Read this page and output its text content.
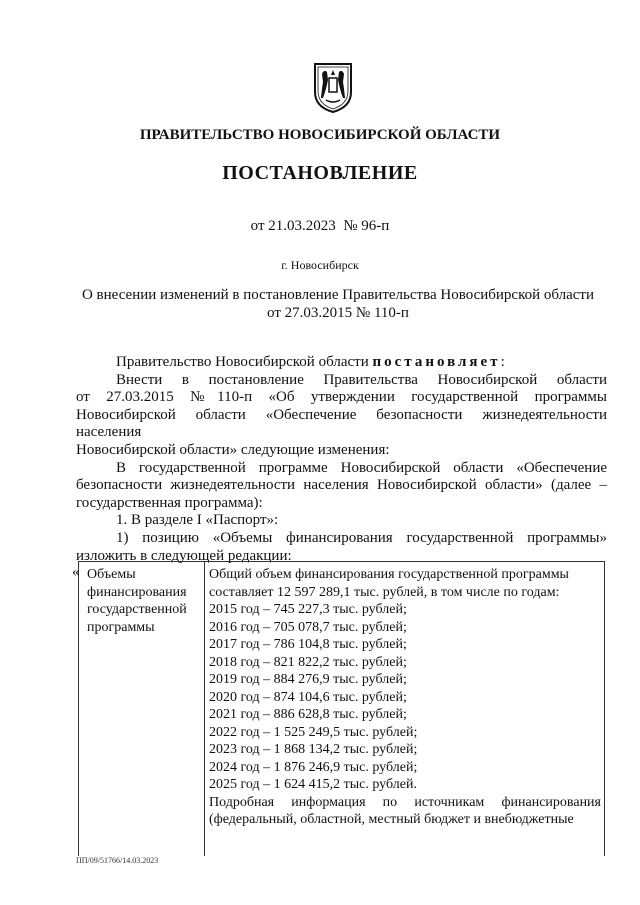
ПРАВИТЕЛЬСТВО НОВОСИБИРСКОЙ ОБЛАСТИ
ПОСТАНОВЛЕНИЕ
от 21.03.2023  № 96-п
г. Новосибирск
О внесении изменений в постановление Правительства Новосибирской области
от 27.03.2015 № 110-п

Правительство Новосибирской области постановляет:

Внести в постановление Правительства Новосибирской области

от 27.03.2015 №110-п «Об утверждении государственной программы

Новосибирской области «Обеспечение безопасности жизнедеятельности населения

Новосибирской области» следующие изменения:

В государственной программе Новосибирской области «Обеспечение

безопасности жизнедеятельности населения Новосибирской области» (далее –

государственная программа):

1. В разделе I «Паспорт»:

1) позицию «Объемы финансирования государственной программы»

изложить в следующей редакции:

« Объемы
финансирования
государственной
программы
Общий объем финансирования государственной программы
составляет 12 597 289,1 тыс. рублей, в том числе по годам:
2015 год – 745 227,3 тыс. рублей;
2016 год – 705 078,7 тыс. рублей;
2017 год – 786 104,8 тыс. рублей;
2018 год – 821 822,2 тыс. рублей;
2019 год – 884 276,9 тыс. рублей;
2020 год – 874 104,6 тыс. рублей;
2021 год – 886 628,8 тыс. рублей;
2022 год – 1 525 249,5 тыс. рублей;
2023 год – 1 868 134,2 тыс. рублей;
2024 год – 1 876 246,9 тыс. рублей;
2025 год – 1 624 415,2 тыс. рублей.
Подробная информация по источникам финансирования
(федеральный, областной, местный бюджет и внебюджетные
ПП/09/51766/14.03.2023
